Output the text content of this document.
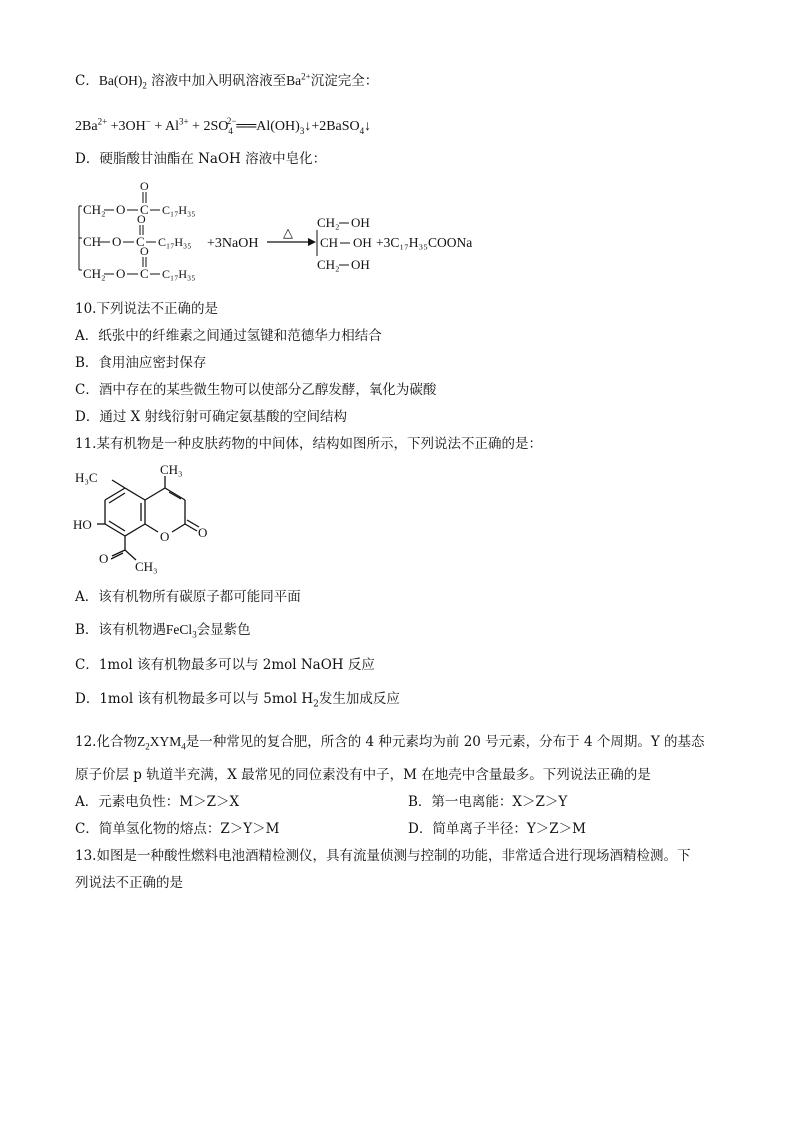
C．$Ba(OH)_2$ 溶液中加入明矾溶液至$Ba^{2+}$沉淀完全：
$2Ba^{2+} +3OH^- + Al^{3+}$ + $2SO_4^{2-}══Al(OH)_3↓+2BaSO_4↓$
D．硬脂酸甘油酯在 NaOH 溶液中皂化：
CH₂ O C
O
C₁₇H₃₅
CH O C
O
C₁₇H₃₅
CH₂ O C
O
C₁₇H₃₅
+3NaOH
△
CH₂ OH
CH OH
CH₂ OH
+3C₁₇H₃₅COONa
10.下列说法不正确的是
A．纸张中的纤维素之间通过氢键和范德华力相结合
B．食用油应密封保存
C．酒中存在的某些微生物可以使部分乙醇发酵，氧化为碳酸
D．通过 X 射线衍射可确定氨基酸的空间结构
11.某有机物是一种皮肤药物的中间体，结构如图所示，下列说法不正确的是：
CH₃
H₃C
HO
O O
O
CH₃
A．该有机物所有碳原子都可能同平面
B．该有机物遇FeCl$_3$会显紫色
C．1mol 该有机物最多可以与 2mol NaOH 反应
D．1mol 该有机物最多可以与 5mol $H_2$发生加成反应
12.化合物$Z_2XYM_4$是一种常见的复合肥，所含的 4 种元素均为前 20 号元素，分布于 4 个周期。Y 的基态
原子价层 p 轨道半充满，X 最常见的同位素没有中子，M 在地壳中含量最多。下列说法正确的是
A．元素电负性：M＞Z＞X	B．第一电离能：X＞Z＞Y
C．简单氢化物的熔点：Z＞Y＞M	D．简单离子半径：Y＞Z＞M
13.如图是一种酸性燃料电池酒精检测仪，具有流量侦测与控制的功能，非常适合进行现场酒精检测。下
列说法不正确的是
